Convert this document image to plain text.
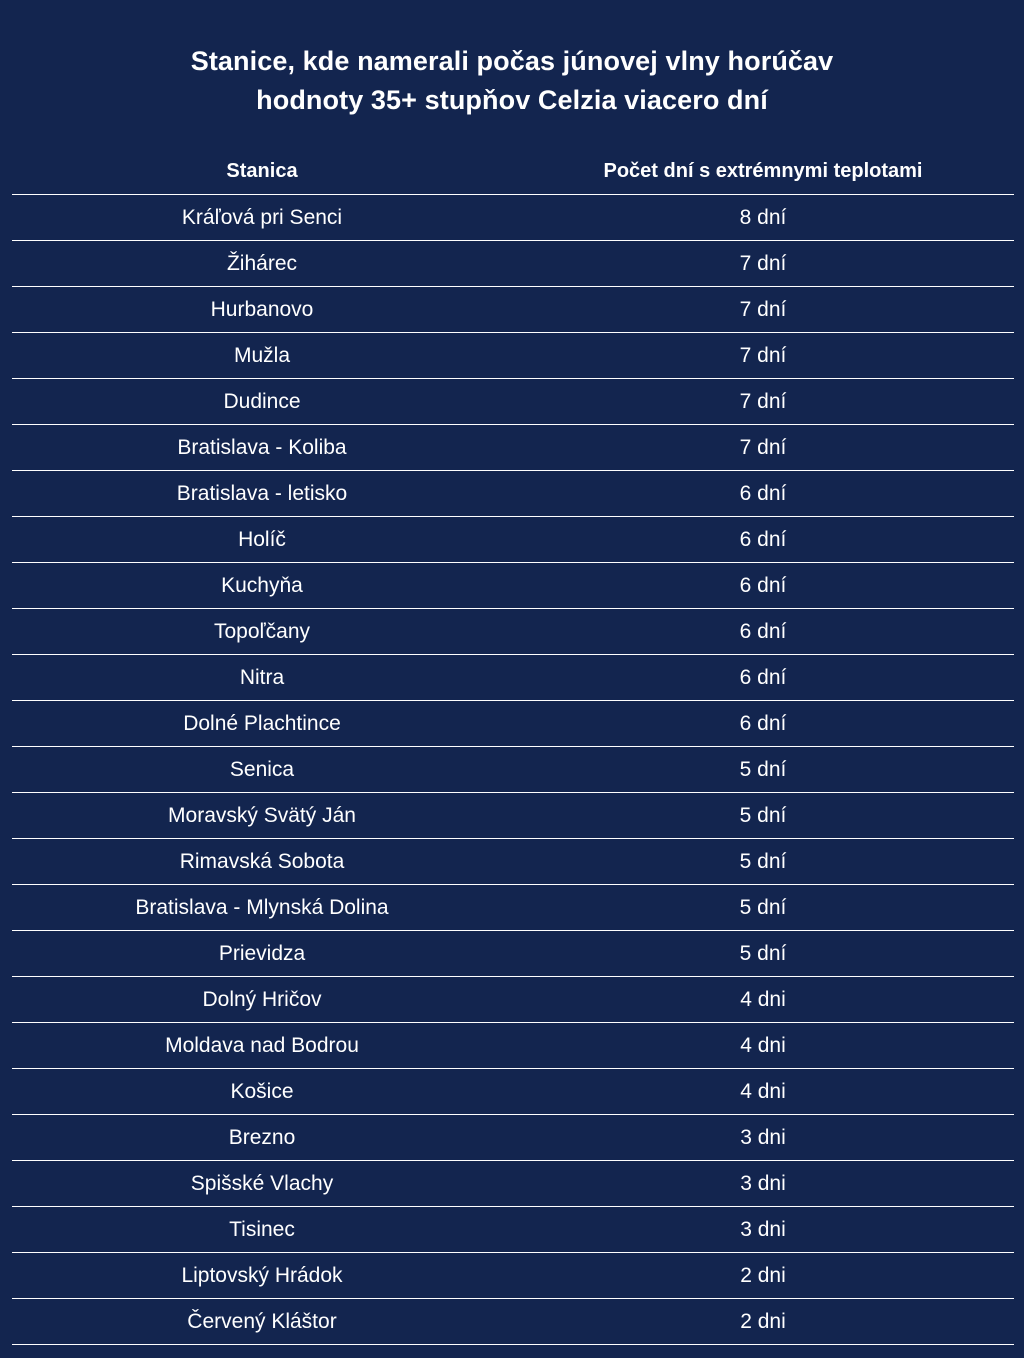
Stanice, kde namerali počas júnovej vlny horúčav
hodnoty 35+ stupňov Celzia viacero dní
Stanica	Počet dní s extrémnymi teplotami
Kráľová pri Senci	8 dní
Žihárec	7 dní
Hurbanovo	7 dní
Mužla	7 dní
Dudince	7 dní
Bratislava - Koliba	7 dní
Bratislava - letisko	6 dní
Holíč	6 dní
Kuchyňa	6 dní
Topoľčany	6 dní
Nitra	6 dní
Dolné Plachtince	6 dní
Senica	5 dní
Moravský Svätý Ján	5 dní
Rimavská Sobota	5 dní
Bratislava - Mlynská Dolina	5 dní
Prievidza	5 dní
Dolný Hričov	4 dni
Moldava nad Bodrou	4 dni
Košice	4 dni
Brezno	3 dni
Spišské Vlachy	3 dni
Tisinec	3 dni
Liptovský Hrádok	2 dni
Červený Kláštor	2 dni
